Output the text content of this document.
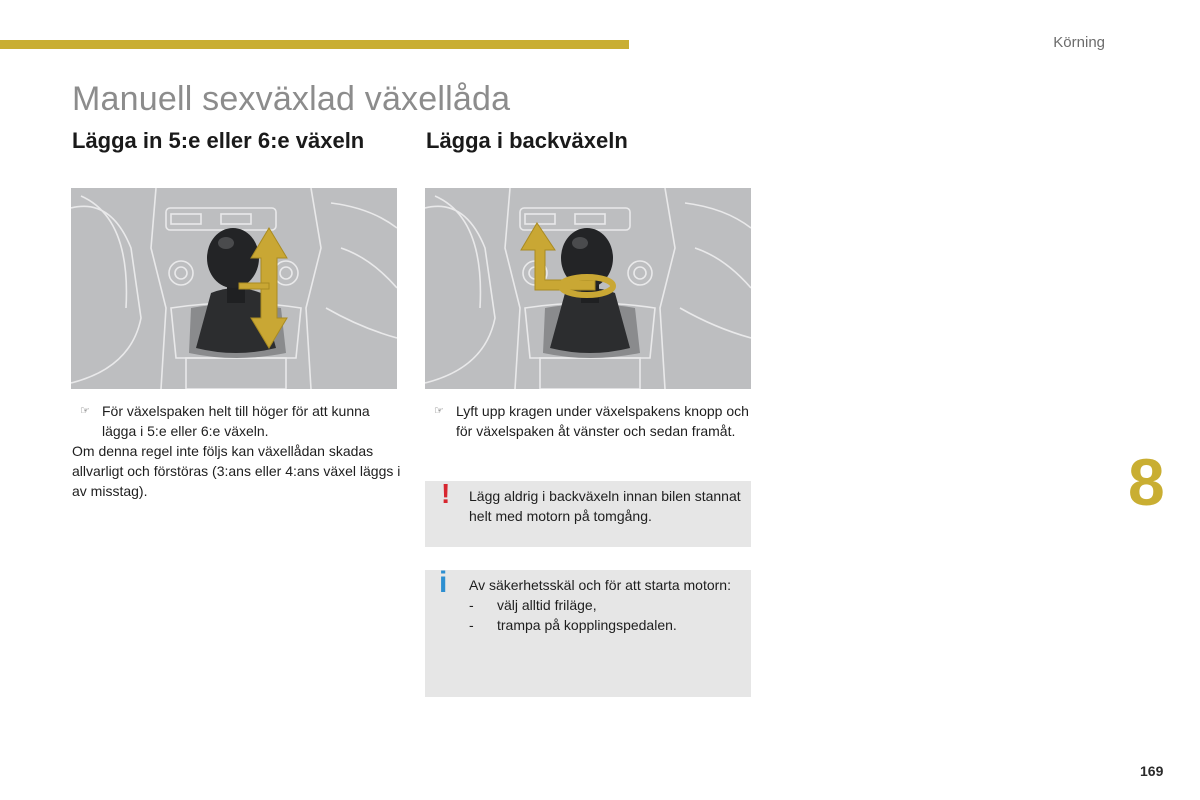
Körning
Manuell sexväxlad växellåda
Lägga in 5:e eller 6:e växeln	Lägga i backväxeln

☞ För växelspaken helt till höger för att kunna lägga i 5:e eller 6:e växeln.

Om denna regel inte följs kan växellådan skadas allvarligt och förstöras (3:ans eller 4:ans växel läggs i av misstag).

☞ Lyft upp kragen under växelspakens knopp och för växelspaken åt vänster och sedan framåt.

! Lägg aldrig i backväxeln innan bilen stannat helt med motorn på tomgång.

i Av säkerhetsskäl och för att starta motorn:

- välj alltid friläge,

- trampa på kopplingspedalen.

8
169
